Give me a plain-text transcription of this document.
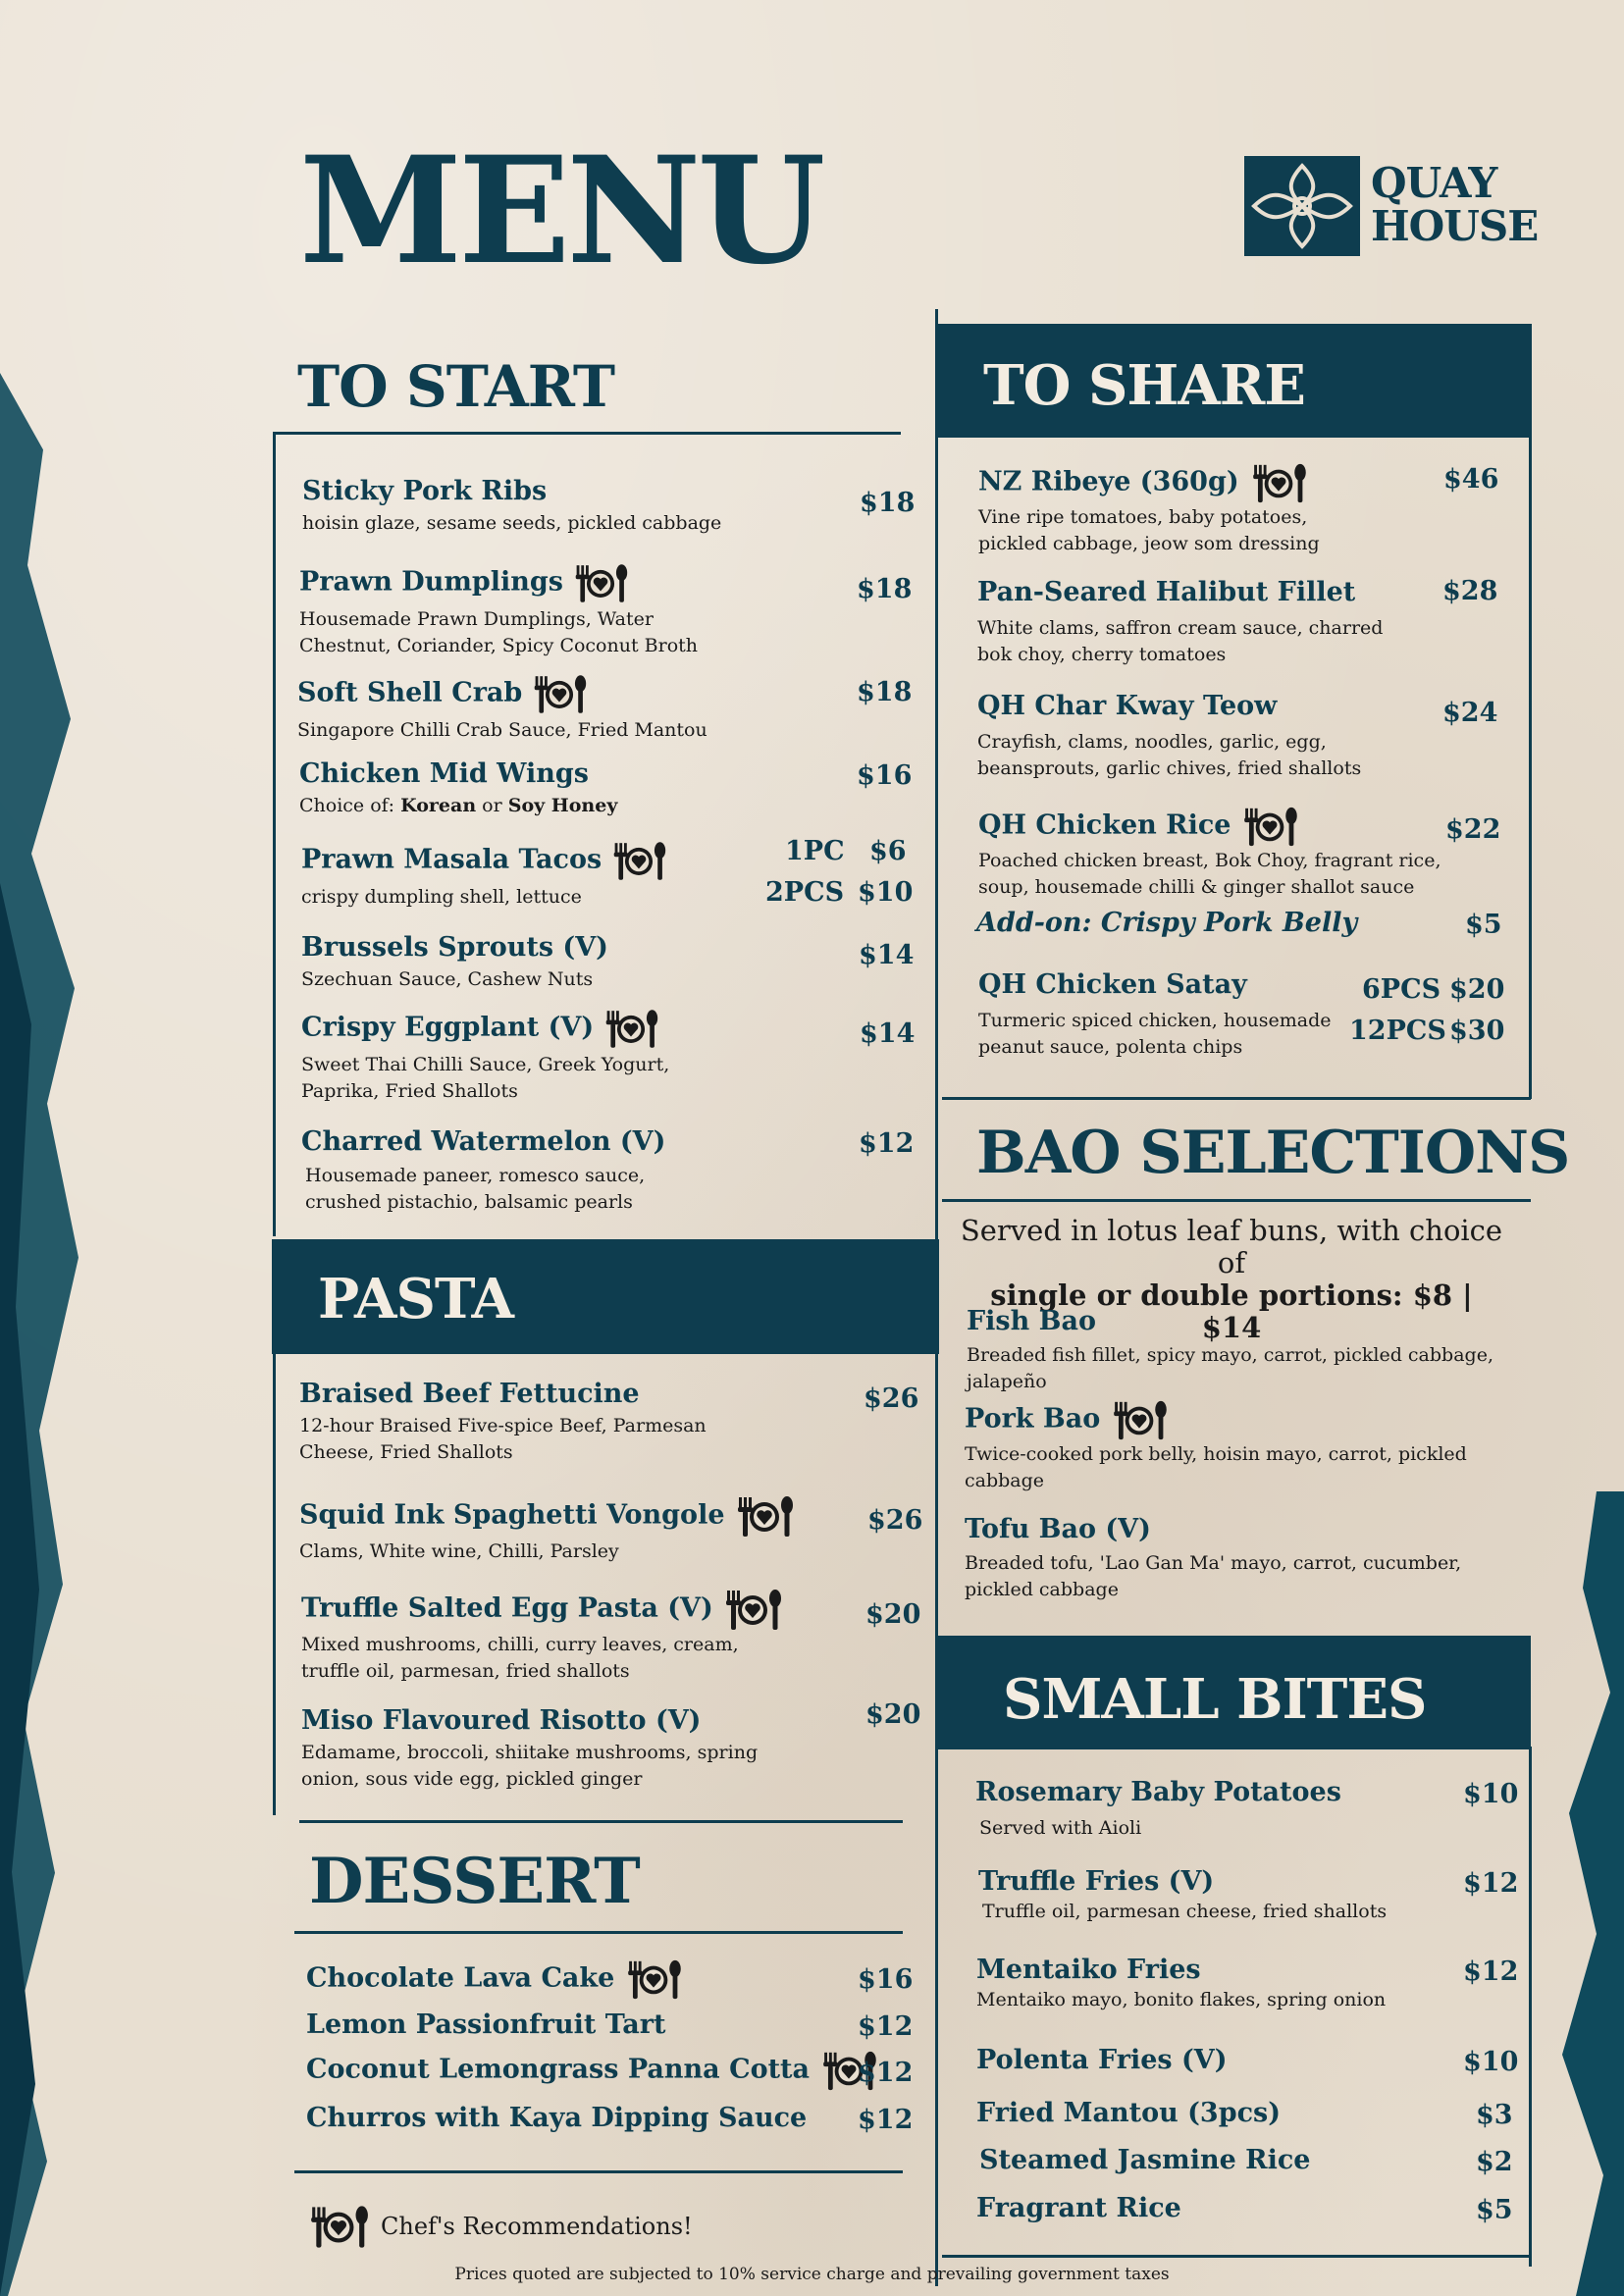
MENU	QUAY
HOUSE
TO START
Sticky Pork Ribs
hoisin glaze, sesame seeds, pickled cabbage
$18
Prawn Dumplings
Housemade Prawn Dumplings, Water Chestnut, Coriander, Spicy Coconut Broth
$18
Soft Shell Crab
Singapore Chilli Crab Sauce, Fried Mantou
$18
Chicken Mid Wings
Choice of: Korean or Soy Honey
$16
Prawn Masala Tacos
crispy dumpling shell, lettuce
1PC $6
2PCS $10
Brussels Sprouts (V)
Szechuan Sauce, Cashew Nuts
$14
Crispy Eggplant (V)
Sweet Thai Chilli Sauce, Greek Yogurt, Paprika, Fried Shallots
$14
Charred Watermelon (V)
Housemade paneer, romesco sauce, crushed pistachio, balsamic pearls
$12
PASTA
Braised Beef Fettucine
12-hour Braised Five-spice Beef, Parmesan Cheese, Fried Shallots
$26
Squid Ink Spaghetti Vongole
Clams, White wine, Chilli, Parsley
$26
Truffle Salted Egg Pasta (V)
Mixed mushrooms, chilli, curry leaves, cream, truffle oil, parmesan, fried shallots
$20
Miso Flavoured Risotto (V)
Edamame, broccoli, shiitake mushrooms, spring onion, sous vide egg, pickled ginger
$20
DESSERT
Chocolate Lava Cake	$16
Lemon Passionfruit Tart	$12
Coconut Lemongrass Panna Cotta	$12
Churros with Kaya Dipping Sauce $12
Chef's Recommendations!
TO SHARE
NZ Ribeye (360g)
Vine ripe tomatoes, baby potatoes, pickled cabbage, jeow som dressing
$46
Pan-Seared Halibut Fillet
White clams, saffron cream sauce, charred bok choy, cherry tomatoes
$28
QH Char Kway Teow
Crayfish, clams, noodles, garlic, egg, beansprouts, garlic chives, fried shallots
$24
QH Chicken Rice
Poached chicken breast, Bok Choy, fragrant rice, soup, housemade chilli & ginger shallot sauce
$22
Add-on: Crispy Pork Belly	$5
QH Chicken Satay
Turmeric spiced chicken, housemade peanut sauce, polenta chips
6PCS $20
12PCS $30
BAO SELECTIONS
Served in lotus leaf buns, with choice of
single or double portions: $8 | $14
Fish Bao
Breaded fish fillet, spicy mayo, carrot, pickled cabbage, jalapeño
Pork Bao
Twice-cooked pork belly, hoisin mayo, carrot, pickled cabbage
Tofu Bao (V)
Breaded tofu, 'Lao Gan Ma' mayo, carrot, cucumber, pickled cabbage
SMALL BITES
Rosemary Baby Potatoes
Served with Aioli
$10
Truffle Fries (V)
Truffle oil, parmesan cheese, fried shallots
$12
Mentaiko Fries
Mentaiko mayo, bonito flakes, spring onion
$12
Polenta Fries (V)	$10
Fried Mantou (3pcs)	$3
Steamed Jasmine Rice	$2
Fragrant Rice	$5
Prices quoted are subjected to 10% service charge and prevailing government taxes
